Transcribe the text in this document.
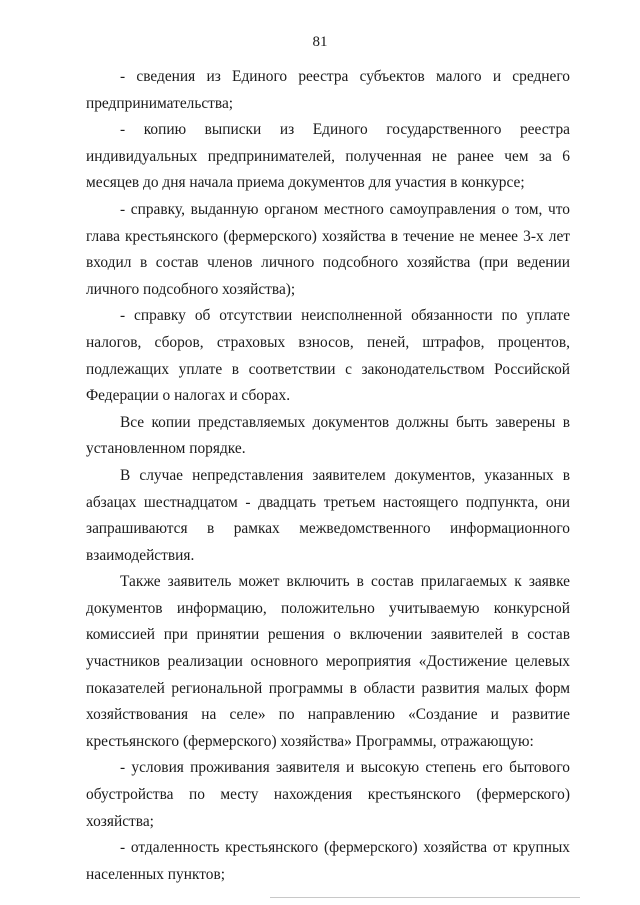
81

- сведения из Единого реестра субъектов малого и среднего предпринимательства;

- копию выписки из Единого государственного реестра индивидуальных предпринимателей, полученная не ранее чем за 6 месяцев до дня начала приема документов для участия в конкурсе;

- справку, выданную органом местного самоуправления о том, что глава крестьянского (фермерского) хозяйства в течение не менее 3-х лет входил в состав членов личного подсобного хозяйства (при ведении личного подсобного хозяйства);

- справку об отсутствии неисполненной обязанности по уплате налогов, сборов, страховых взносов, пеней, штрафов, процентов, подлежащих уплате в соответствии с законодательством Российской Федерации о налогах и сборах.

Все копии представляемых документов должны быть заверены в установленном порядке.

В случае непредставления заявителем документов, указанных в абзацах шестнадцатом - двадцать третьем настоящего подпункта, они запрашиваются в рамках межведомственного информационного взаимодействия.

Также заявитель может включить в состав прилагаемых к заявке документов информацию, положительно учитываемую конкурсной комиссией при принятии решения о включении заявителей в состав участников реализации основного мероприятия «Достижение целевых показателей региональной программы в области развития малых форм хозяйствования на селе» по направлению «Создание и развитие крестьянского (фермерского) хозяйства» Программы, отражающую:

- условия проживания заявителя и высокую степень его бытового обустройства по месту нахождения крестьянского (фермерского) хозяйства;

- отдаленность крестьянского (фермерского) хозяйства от крупных населенных пунктов;
